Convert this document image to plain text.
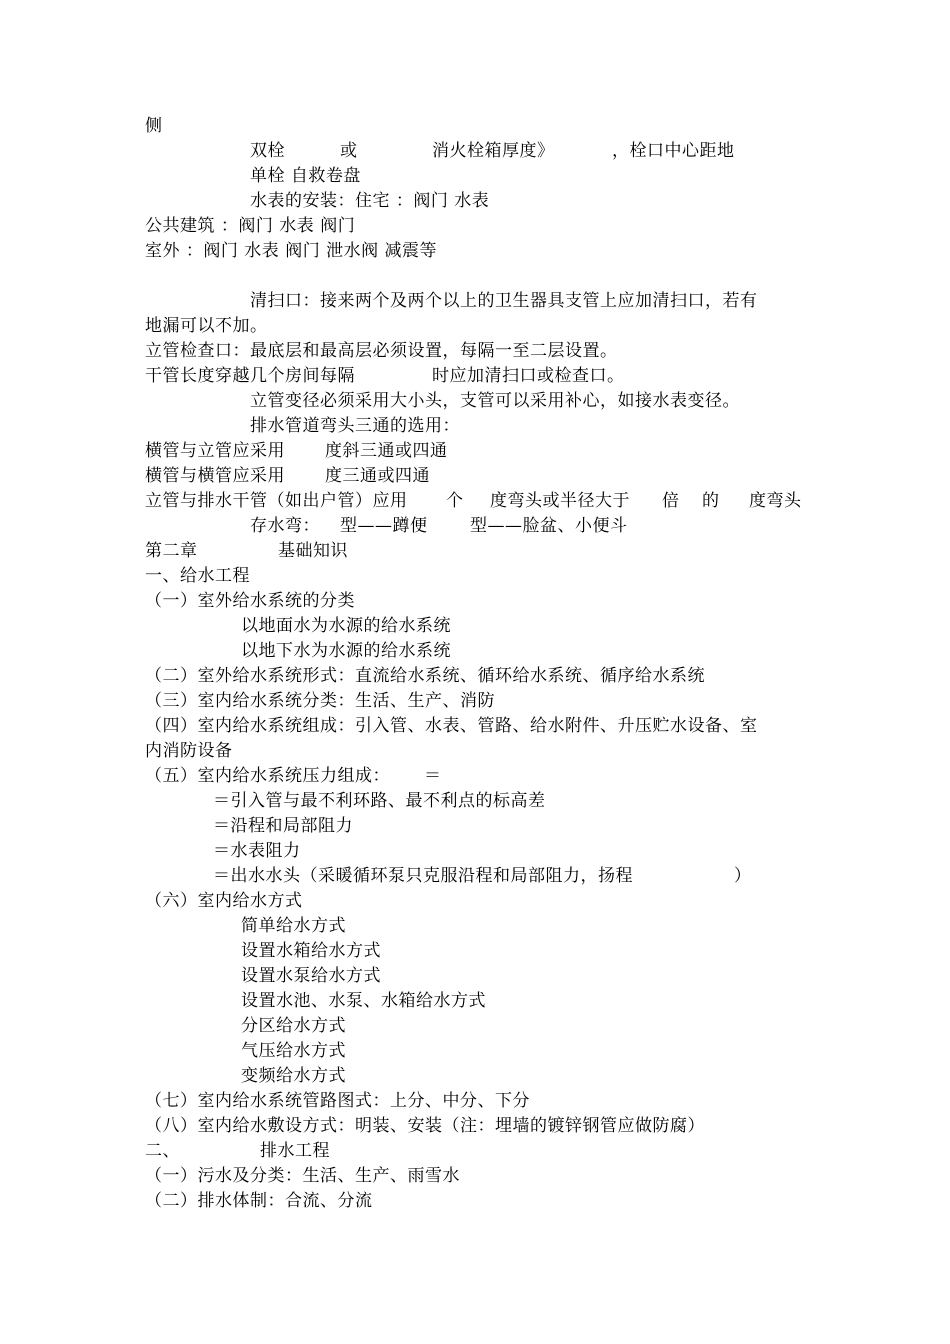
侧
双栓	或	消火栓箱厚度》	，栓口中心距地
单栓 自救卷盘
水表的安装：住宅 ：阀门 水表
公共建筑 ：阀门 水表 阀门
室外 ：阀门 水表 阀门 泄水阀 减震等
清扫口：接来两个及两个以上的卫生器具支管上应加清扫口，若有
地漏可以不加。
立管检查口：最底层和最高层必须设置，每隔一至二层设置。
干管长度穿越几个房间每隔	时应加清扫口或检查口。
立管变径必须采用大小头，支管可以采用补心，如接水表变径。
排水管道弯头三通的选用：
横管与立管应采用 度斜三通或四通
横管与横管应采用 度三通或四通
立管与排水干管（如出户管）应用 个 度弯头或半径大于 倍 的 度弯头
存水弯： 型——蹲便	型——脸盆、小便斗
第二章	基础知识
一、给水工程
（一）室外给水系统的分类
以地面水为水源的给水系统
以地下水为水源的给水系统
（二）室外给水系统形式：直流给水系统、循环给水系统、循序给水系统
（三）室内给水系统分类：生活、生产、消防
（四）室内给水系统组成：引入管、水表、管路、给水附件、升压贮水设备、室
内消防设备
（五）室内给水系统压力组成： ＝
＝引入管与最不利环路、最不利点的标高差
＝沿程和局部阻力
＝水表阻力
＝出水水头（采暖循环泵只克服沿程和局部阻力，扬程	）
（六）室内给水方式
简单给水方式
设置水箱给水方式
设置水泵给水方式
设置水池、水泵、水箱给水方式
分区给水方式
气压给水方式
变频给水方式
（七）室内给水系统管路图式：上分、中分、下分
（八）室内给水敷设方式：明装、安装（注：埋墙的镀锌钢管应做防腐）
二、	排水工程
（一）污水及分类：生活、生产、雨雪水
（二）排水体制：合流、分流
